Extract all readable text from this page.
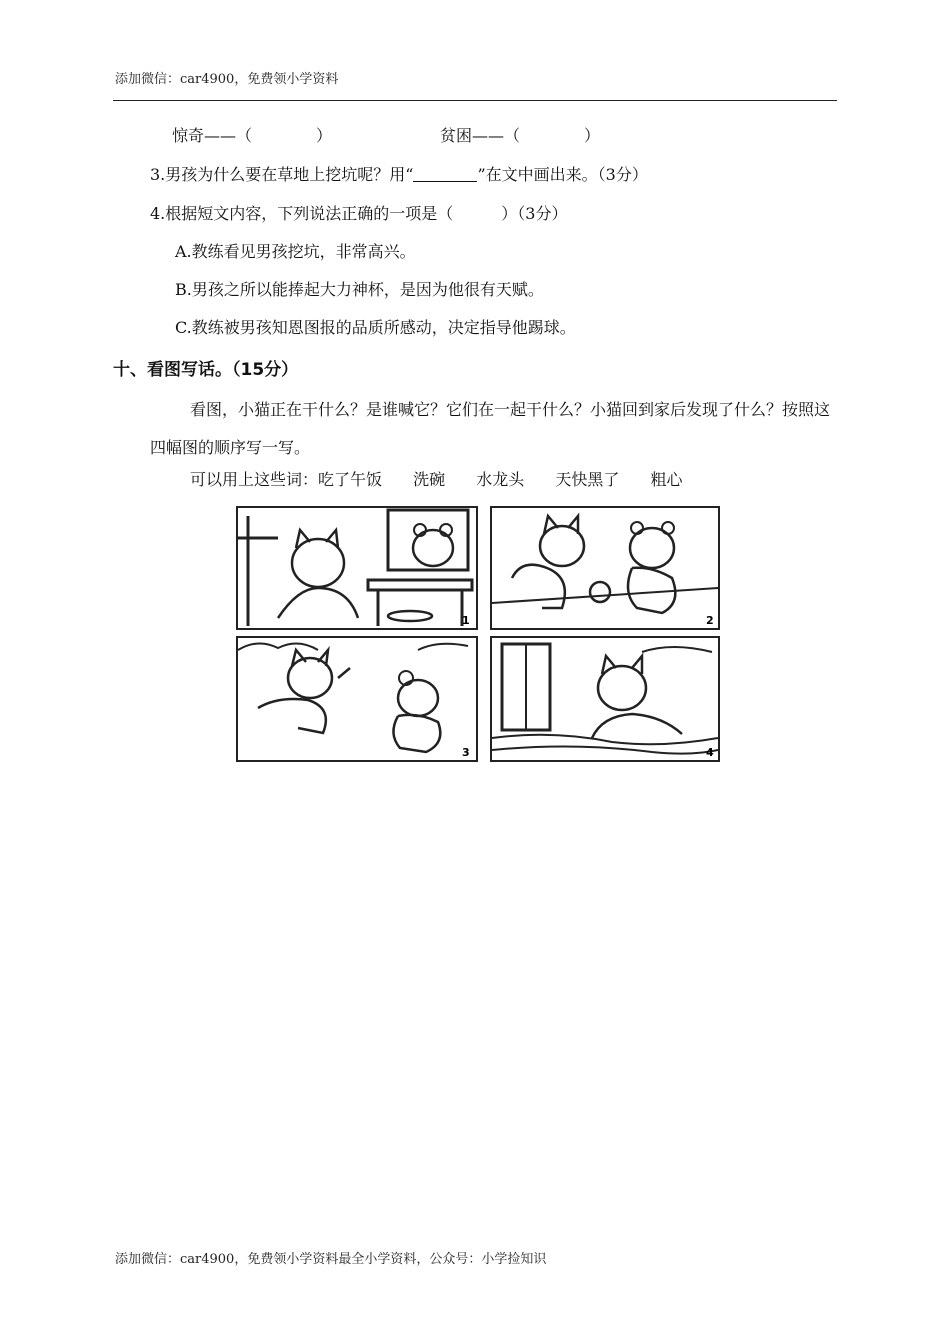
添加微信：car4900，免费领小学资料
惊奇——（　　　　）	贫困——（　　　　）
3.男孩为什么要在草地上挖坑呢？用“	”在文中画出来。（3分）
4.根据短文内容，下列说法正确的一项是（　　　）（3分）
A.教练看见男孩挖坑，非常高兴。
B.男孩之所以能捧起大力神杯，是因为他很有天赋。
C.教练被男孩知恩图报的品质所感动，决定指导他踢球。
十、看图写话。（15分）
看图，小猫正在干什么？是谁喊它？它们在一起干什么？小猫回到家后发现了什么？按照这四幅图的顺序写一写。
可以用上这些词：吃了午饭 洗碗 水龙头 天快黑了 粗心
1	2
3	4
添加微信：car4900，免费领小学资料最全小学资料，公众号：小学捡知识
